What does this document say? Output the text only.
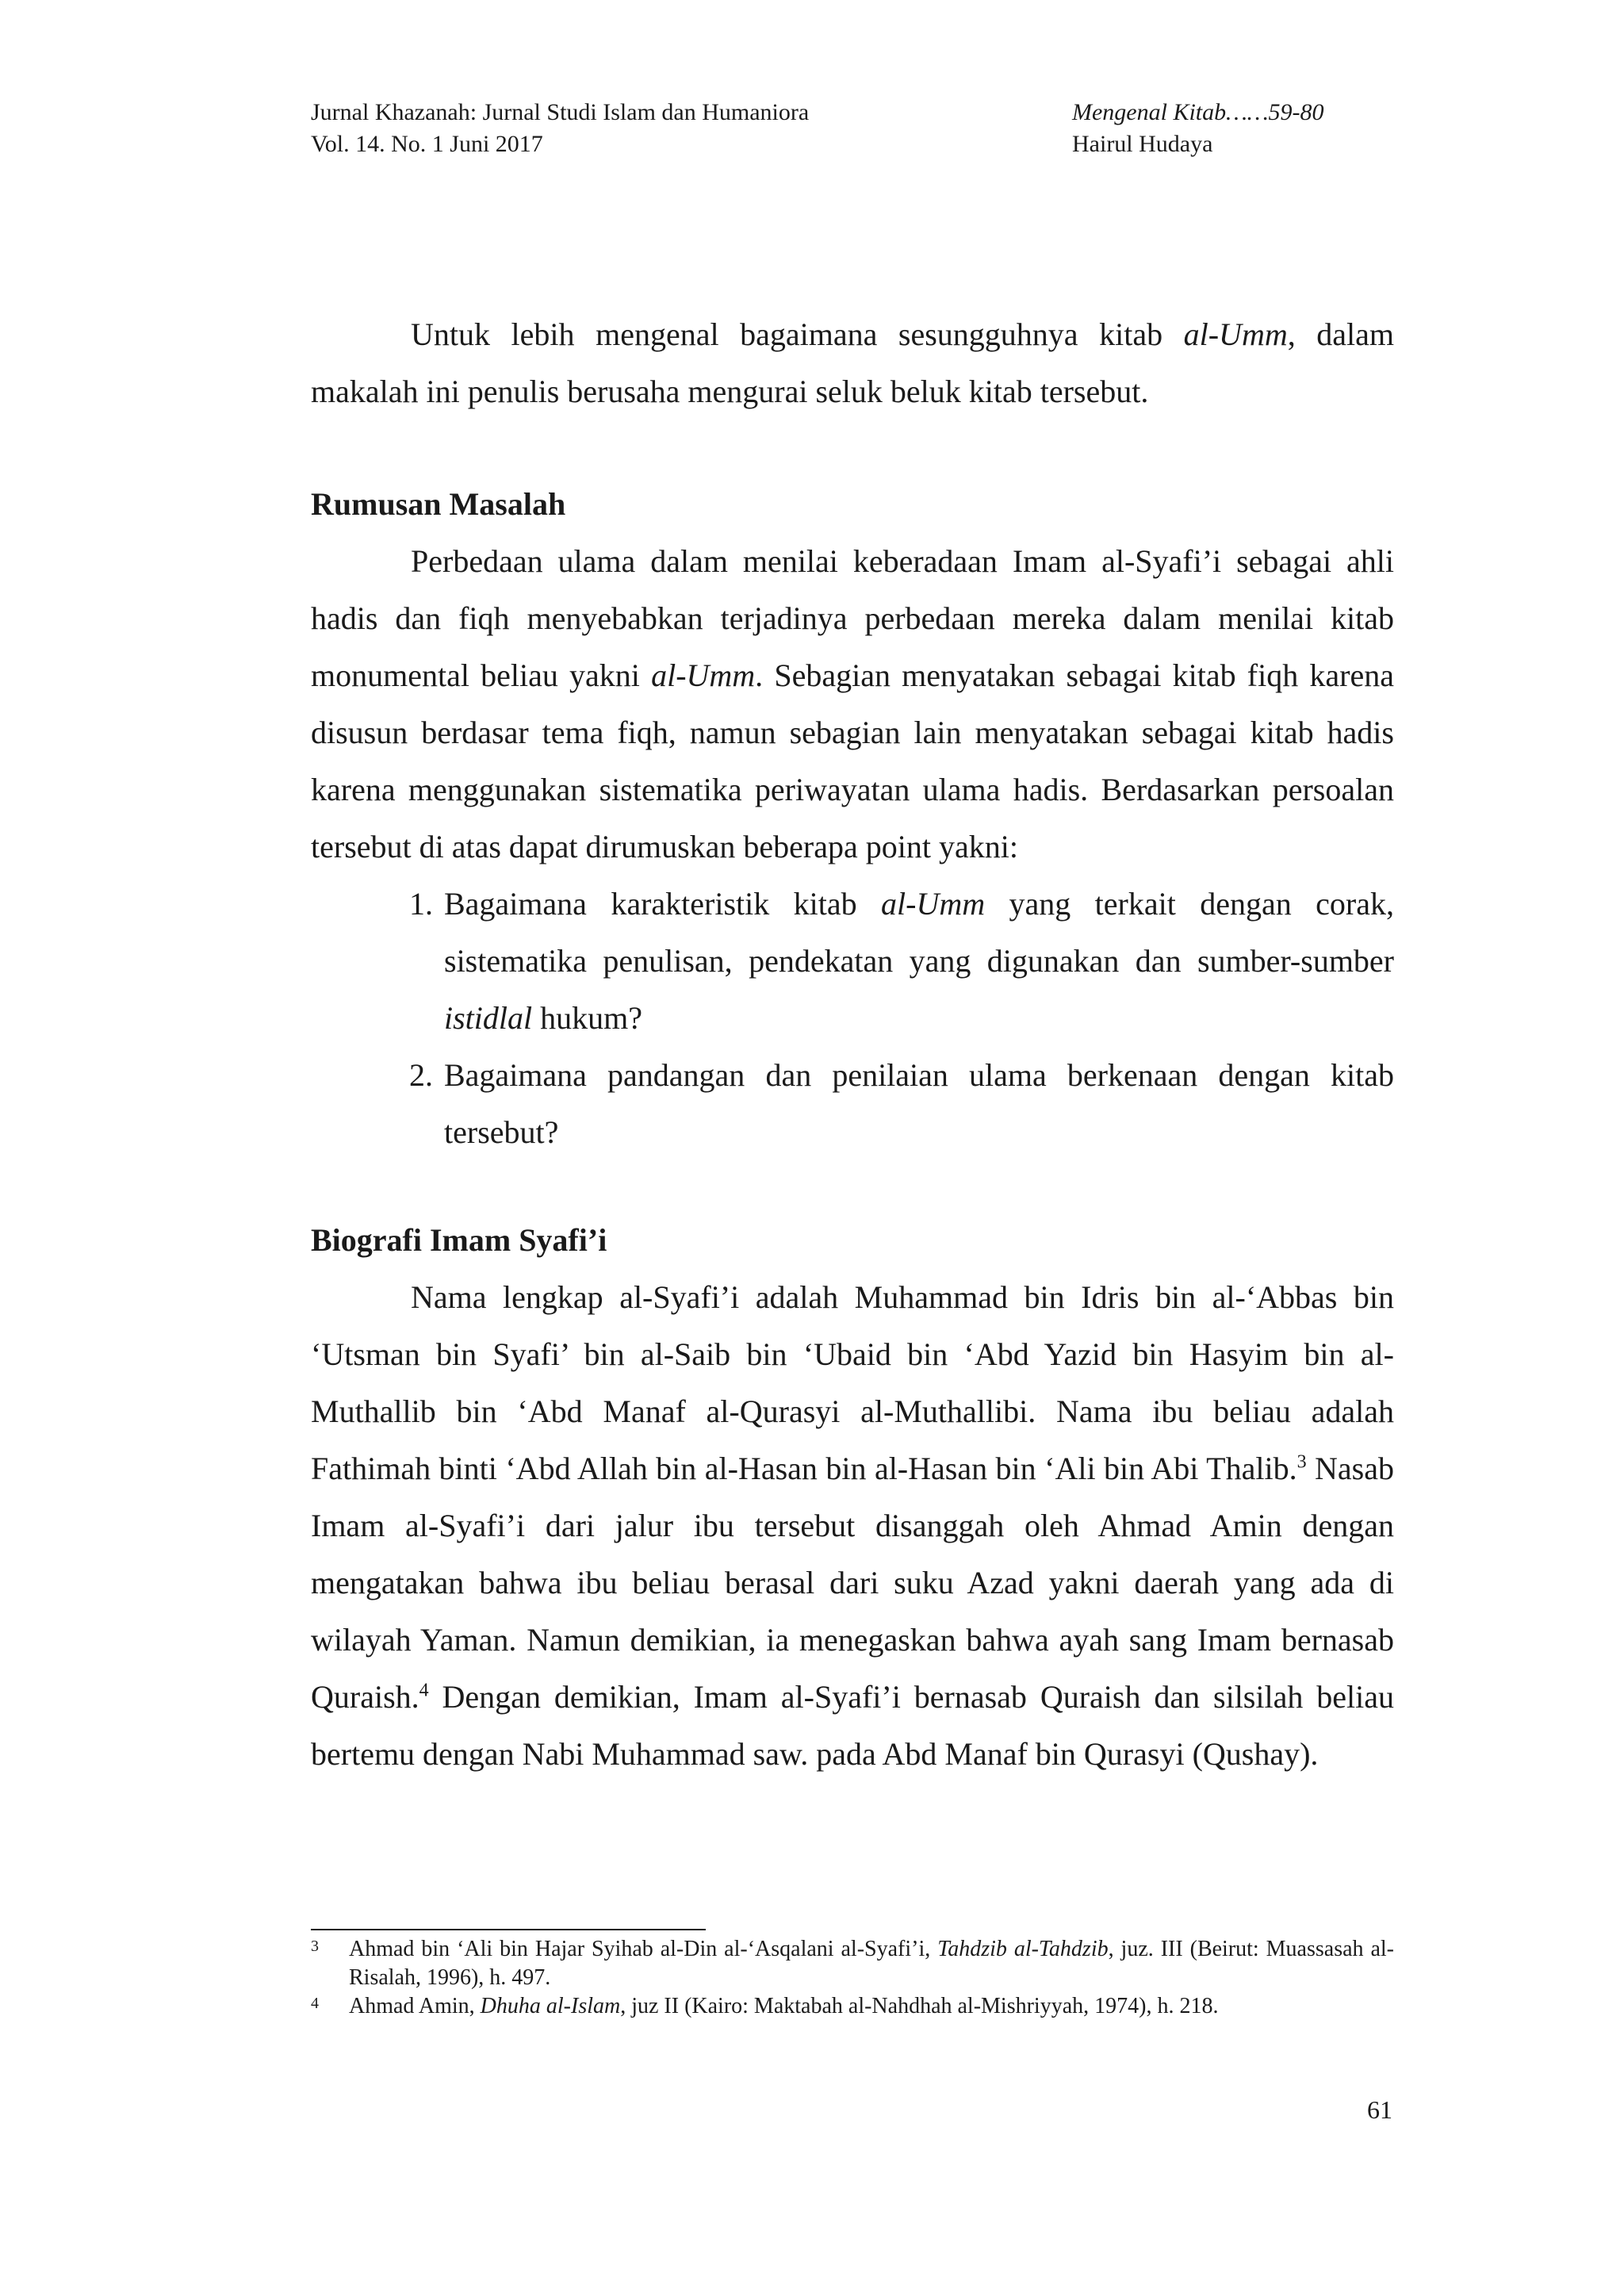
Jurnal Khazanah: Jurnal Studi Islam dan Humaniora
Vol. 14. No. 1 Juni 2017
Mengenal Kitab……59-80
Hairul Hudaya

Untuk lebih mengenal bagaimana sesungguhnya kitab al-Umm, dalam makalah ini penulis berusaha mengurai seluk beluk kitab tersebut.

Rumusan Masalah

Perbedaan ulama dalam menilai keberadaan Imam al-Syafi’i sebagai ahli hadis dan fiqh menyebabkan terjadinya perbedaan mereka dalam menilai kitab monumental beliau yakni al-Umm. Sebagian menyatakan sebagai kitab fiqh karena disusun berdasar tema fiqh, namun sebagian lain menyatakan sebagai kitab hadis karena menggunakan sistematika periwayatan ulama hadis. Berdasarkan persoalan tersebut di atas dapat dirumuskan beberapa point yakni:

1. Bagaimana karakteristik kitab al-Umm yang terkait dengan corak, sistematika penulisan, pendekatan yang digunakan dan sumber-sumber istidlal hukum?
2. Bagaimana pandangan dan penilaian ulama berkenaan dengan kitab tersebut?

Biografi Imam Syafi’i

Nama lengkap al-Syafi’i adalah Muhammad bin Idris bin al-‘Abbas bin ‘Utsman bin Syafi’ bin al-Saib bin ‘Ubaid bin ‘Abd Yazid bin Hasyim bin al-Muthallib bin ‘Abd Manaf al-Qurasyi al-Muthallibi. Nama ibu beliau adalah Fathimah binti ‘Abd Allah bin al-Hasan bin al-Hasan bin ‘Ali bin Abi Thalib.$^3$ Nasab Imam al-Syafi’i dari jalur ibu tersebut disanggah oleh Ahmad Amin dengan mengatakan bahwa ibu beliau berasal dari suku Azad yakni daerah yang ada di wilayah Yaman. Namun demikian, ia menegaskan bahwa ayah sang Imam bernasab Quraish.$^4$ Dengan demikian, Imam al-Syafi’i bernasab Quraish dan silsilah beliau bertemu dengan Nabi Muhammad saw. pada Abd Manaf bin Qurasyi (Qushay).

3 Ahmad bin ‘Ali bin Hajar Syihab al-Din al-‘Asqalani al-Syafi’i, Tahdzib al-Tahdzib, juz. III (Beirut: Muassasah al-Risalah, 1996), h. 497.
4 Ahmad Amin, Dhuha al-Islam, juz II (Kairo: Maktabah al-Nahdhah al-Mishriyyah, 1974), h. 218.
61
